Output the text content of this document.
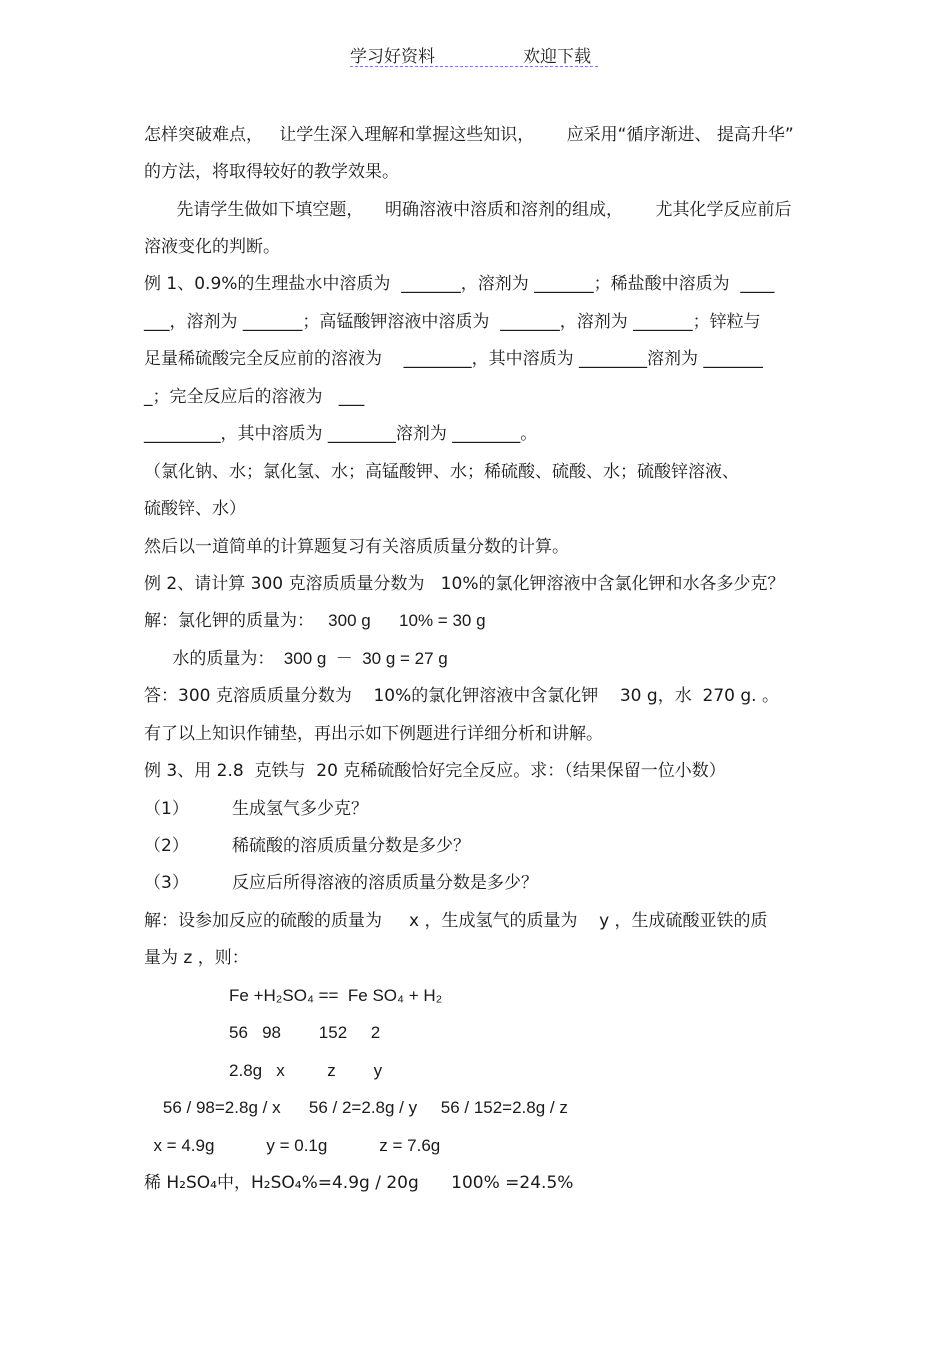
学习好资料	欢迎下载
怎样突破难点，   让学生深入理解和掌握这些知识，      应采用“循序渐进、 提高升华”
的方法，将取得较好的教学效果。
先请学生做如下填空题，    明确溶液中溶质和溶剂的组成，      尤其化学反应前后
溶液变化的判断。
例 1、0.9%的生理盐水中溶质为  _______，溶剂为 _______；稀盐酸中溶质为  ____
___，溶剂为 _______；高锰酸钾溶液中溶质为  _______，溶剂为 _______；锌粒与
足量稀硫酸完全反应前的溶液为    ________，其中溶质为 ________溶剂为 _______
_；完全反应后的溶液为   ___
_________，其中溶质为 ________溶剂为 ________。
（氯化钠、水；氯化氢、水；高锰酸钾、水；稀硫酸、硫酸、水；硫酸锌溶液、
硫酸锌、水）
然后以一道简单的计算题复习有关溶质质量分数的计算。
例 2、请计算 300 克溶质质量分数为   10%的氯化钾溶液中含氯化钾和水各多少克？
解：氯化钾的质量为：   300 g      10% = 30 g
水的质量为：  300 g  －  30 g = 27 g
答：300 克溶质质量分数为    10%的氯化钾溶液中含氯化钾    30 g，水  270 g. 。
有了以上知识作铺垫，再出示如下例题进行详细分析和讲解。
例 3、用 2.8  克铁与  20 克稀硫酸恰好完全反应。求：（结果保留一位小数）
（1）        生成氢气多少克？
（2）        稀硫酸的溶质质量分数是多少？
（3）        反应后所得溶液的溶质质量分数是多少？
解：设参加反应的硫酸的质量为     x ，生成氢气的质量为    y ，生成硫酸亚铁的质
量为 z ，则：
Fe +H₂SO₄ ==  Fe SO₄ + H₂
56   98        152     2
2.8g   x         z        y
56 / 98=2.8g / x      56 / 2=2.8g / y     56 / 152=2.8g / z
x = 4.9g           y = 0.1g           z = 7.6g
稀 H₂SO₄中，H₂SO₄%=4.9g / 20g      100% =24.5%
